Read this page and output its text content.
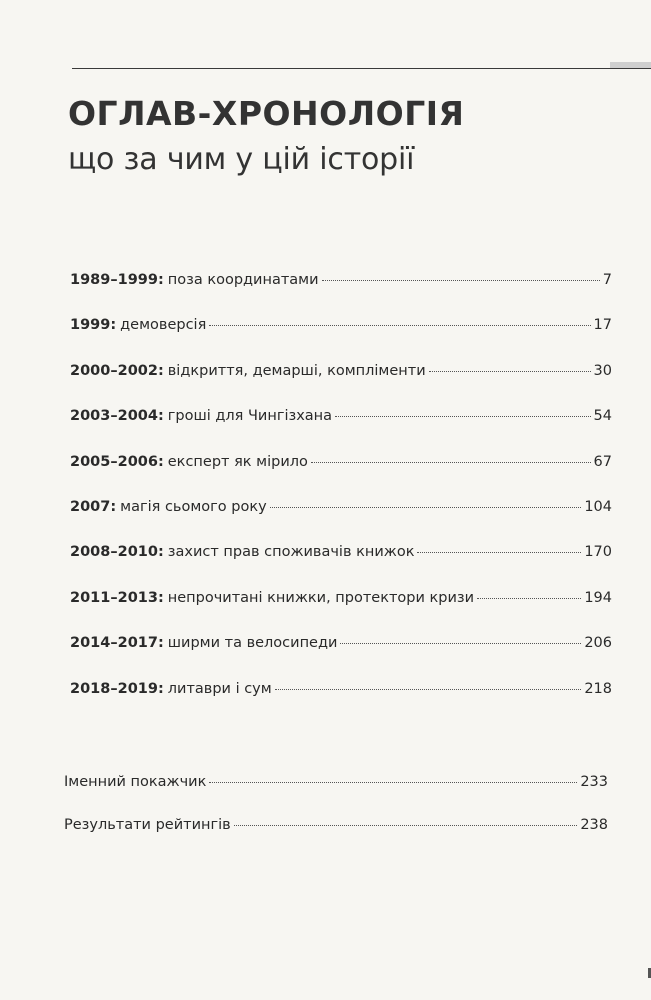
ОГЛАВ-ХРОНОЛОГІЯ
що за чим у цій історії
1989–1999: поза координатами	7
1999: демоверсія	17
2000–2002: відкриття, демарші, компліменти	30
2003–2004: гроші для Чингізхана	54
2005–2006: експерт як мірило	67
2007: магія сьомого року	104
2008–2010: захист прав споживачів книжок	170
2011–2013: непрочитані книжки, протектори кризи	194
2014–2017: ширми та велосипеди	206
2018–2019: литаври і сум	218
Іменний покажчик	233
Результати рейтингів	238
